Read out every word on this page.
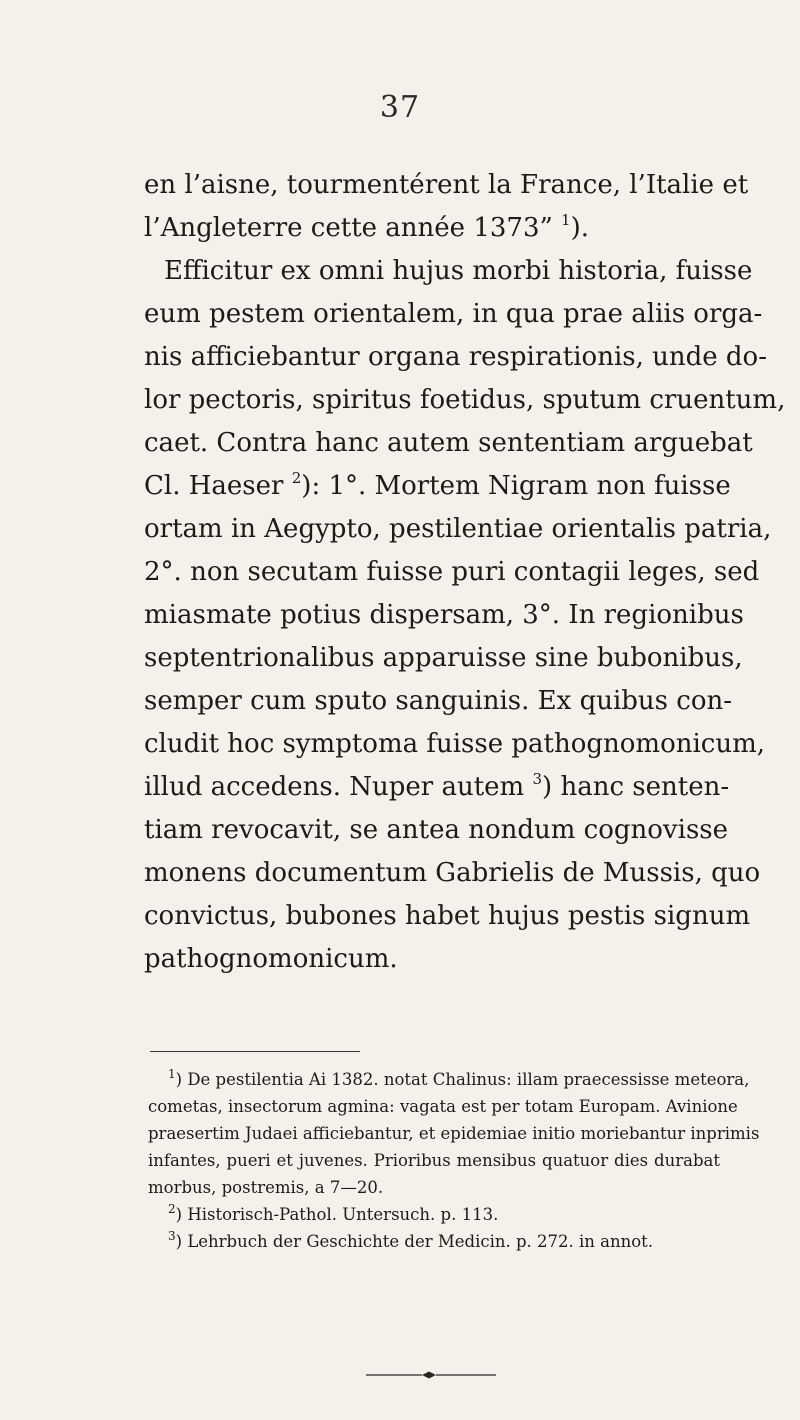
37
en l’aisne, tourmentérent la France, l’Italie et
l’Angleterre cette année 1373” $^1$).
Efficitur ex omni hujus morbi historia, fuisse
eum pestem orientalem, in qua prae aliis orga-
nis afficiebantur organa respirationis, unde do-
lor pectoris, spiritus foetidus, sputum cruentum,
caet. Contra hanc autem sententiam arguebat
Cl. Haeser $^2$): 1°. Mortem Nigram non fuisse
ortam in Aegypto, pestilentiae orientalis patria,
2°. non secutam fuisse puri contagii leges, sed
miasmate potius dispersam, 3°. In regionibus
septentrionalibus apparuisse sine bubonibus,
semper cum sputo sanguinis. Ex quibus con-
cludit hoc symptoma fuisse pathognomonicum,
illud accedens. Nuper autem $^3$) hanc senten-
tiam revocavit, se antea nondum cognovisse
monens documentum Gabrielis de Mussis, quo
convictus, bubones habet hujus pestis signum
pathognomonicum.
$^1$) De pestilentia Ai 1382. notat Chalinus: illam praecessisse meteora,
cometas, insectorum agmina: vagata est per totam Europam. Avinione
praesertim Judaei afficiebantur, et epidemiae initio moriebantur inprimis
infantes, pueri et juvenes. Prioribus mensibus quatuor dies durabat
morbus, postremis, a 7—20.
$^2$) Historisch-Pathol. Untersuch. p. 113.
$^3$) Lehrbuch der Geschichte der Medicin. p. 272. in annot.
